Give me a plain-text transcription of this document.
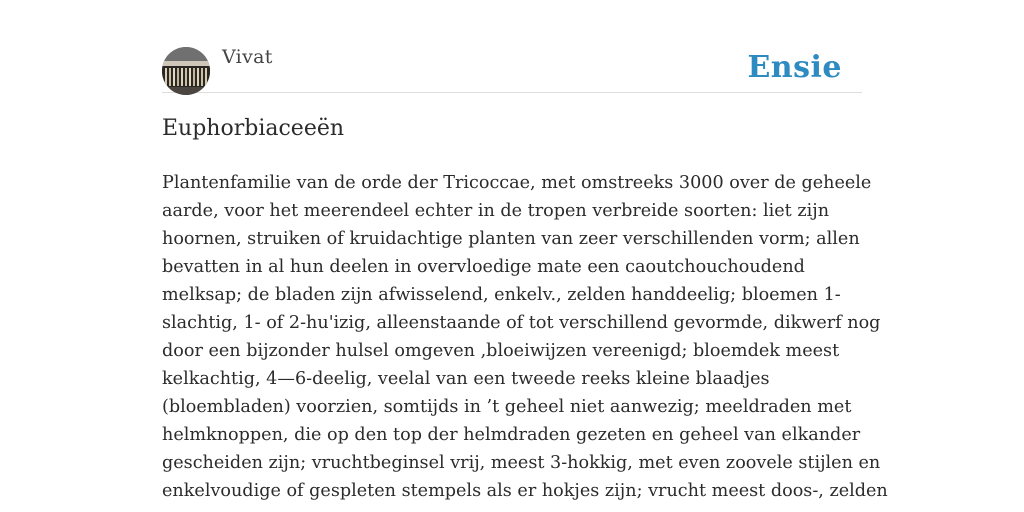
Vivat	Ensie
Euphorbiaceeën

Plantenfamilie van de orde der Tricoccae, met omstreeks 3000 over de geheele
aarde, voor het meerendeel echter in de tropen verbreide soorten: liet zijn
hoornen, struiken of kruidachtige planten van zeer verschillenden vorm; allen
bevatten in al hun deelen in overvloedige mate een caoutchouchoudend
melksap; de bladen zijn afwisselend, enkelv., zelden handdeelig; bloemen 1-
slachtig, 1- of 2-hu'izig, alleenstaande of tot verschillend gevormde, dikwerf nog
door een bijzonder hulsel omgeven ,bloeiwijzen vereenigd; bloemdek meest
kelkachtig, 4—6-deelig, veelal van een tweede reeks kleine blaadjes
(bloembladen) voorzien, somtijds in ’t geheel niet aanwezig; meeldraden met
helmknoppen, die op den top der helmdraden gezeten en geheel van elkander
gescheiden zijn; vruchtbeginsel vrij, meest 3-hokkig, met even zoovele stijlen en
enkelvoudige of gespleten stempels als er hokjes zijn; vrucht meest doos-, zelden
